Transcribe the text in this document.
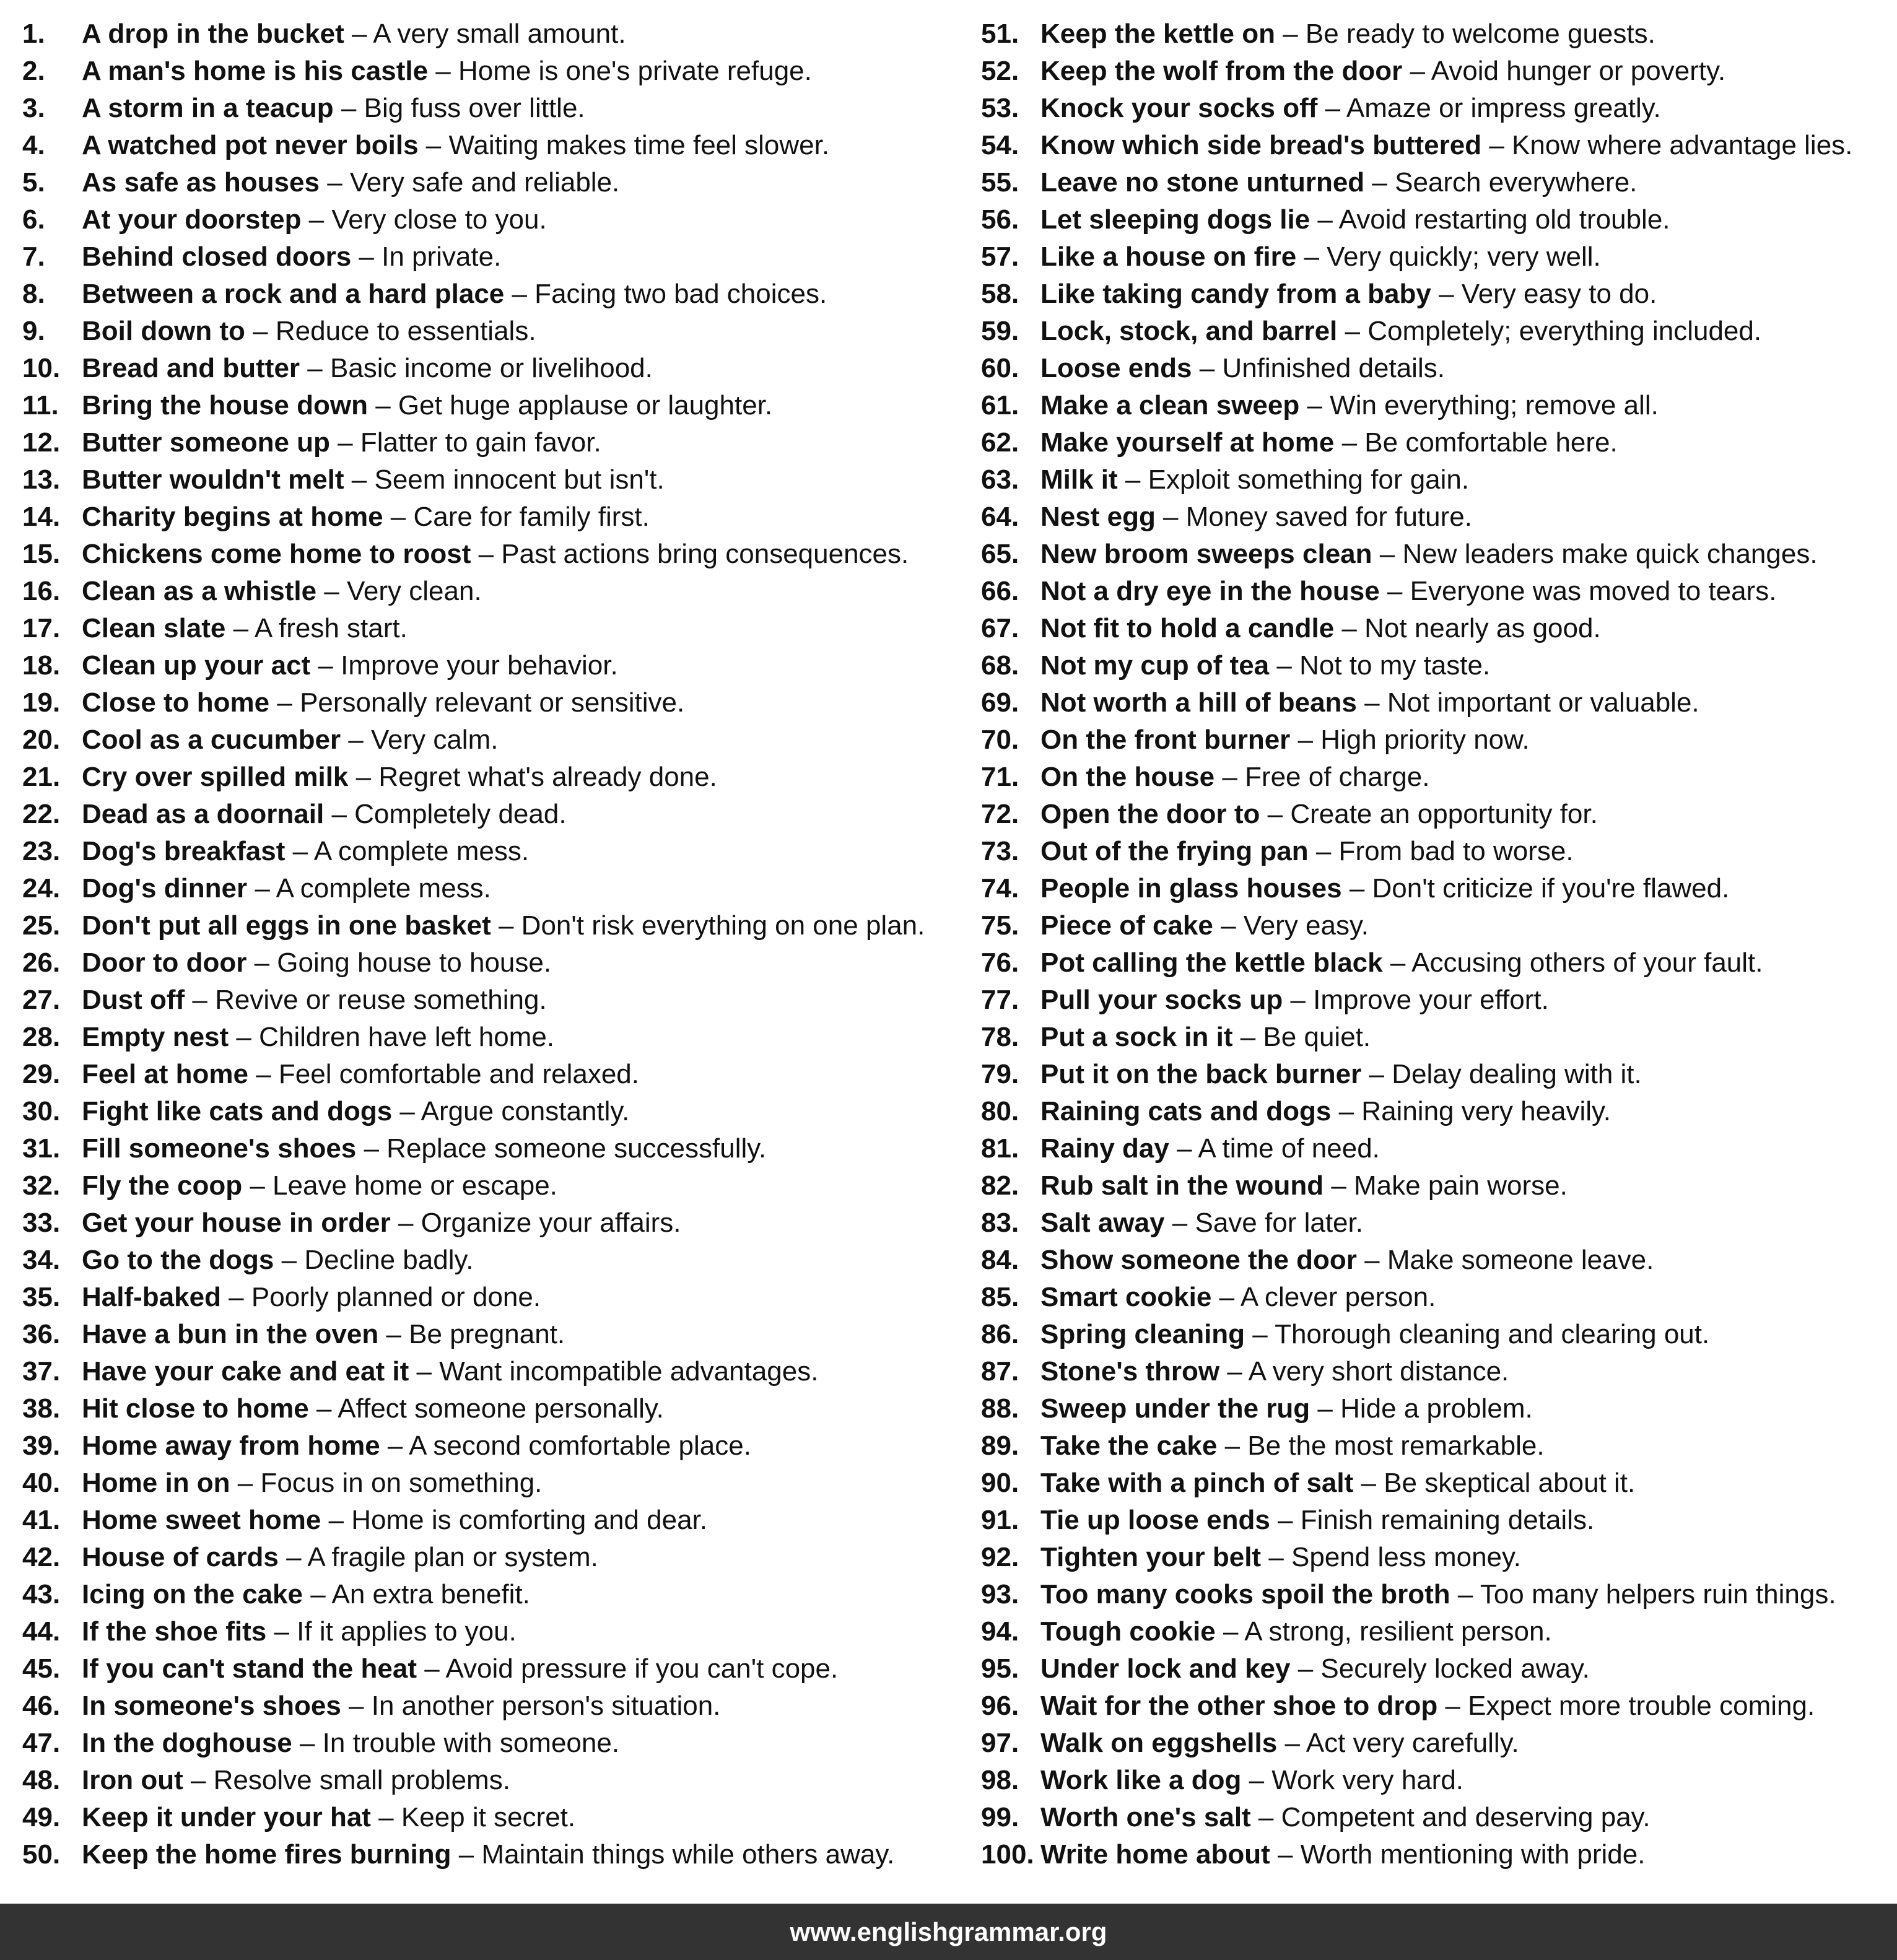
1. A drop in the bucket – A very small amount.
2. A man's home is his castle – Home is one's private refuge.
3. A storm in a teacup – Big fuss over little.
4. A watched pot never boils – Waiting makes time feel slower.
5. As safe as houses – Very safe and reliable.
6. At your doorstep – Very close to you.
7. Behind closed doors – In private.
8. Between a rock and a hard place – Facing two bad choices.
9. Boil down to – Reduce to essentials.
10. Bread and butter – Basic income or livelihood.
11. Bring the house down – Get huge applause or laughter.
12. Butter someone up – Flatter to gain favor.
13. Butter wouldn't melt – Seem innocent but isn't.
14. Charity begins at home – Care for family first.
15. Chickens come home to roost – Past actions bring consequences.
16. Clean as a whistle – Very clean.
17. Clean slate – A fresh start.
18. Clean up your act – Improve your behavior.
19. Close to home – Personally relevant or sensitive.
20. Cool as a cucumber – Very calm.
21. Cry over spilled milk – Regret what's already done.
22. Dead as a doornail – Completely dead.
23. Dog's breakfast – A complete mess.
24. Dog's dinner – A complete mess.
25. Don't put all eggs in one basket – Don't risk everything on one plan.
26. Door to door – Going house to house.
27. Dust off – Revive or reuse something.
28. Empty nest – Children have left home.
29. Feel at home – Feel comfortable and relaxed.
30. Fight like cats and dogs – Argue constantly.
31. Fill someone's shoes – Replace someone successfully.
32. Fly the coop – Leave home or escape.
33. Get your house in order – Organize your affairs.
34. Go to the dogs – Decline badly.
35. Half-baked – Poorly planned or done.
36. Have a bun in the oven – Be pregnant.
37. Have your cake and eat it – Want incompatible advantages.
38. Hit close to home – Affect someone personally.
39. Home away from home – A second comfortable place.
40. Home in on – Focus in on something.
41. Home sweet home – Home is comforting and dear.
42. House of cards – A fragile plan or system.
43. Icing on the cake – An extra benefit.
44. If the shoe fits – If it applies to you.
45. If you can't stand the heat – Avoid pressure if you can't cope.
46. In someone's shoes – In another person's situation.
47. In the doghouse – In trouble with someone.
48. Iron out – Resolve small problems.
49. Keep it under your hat – Keep it secret.
50. Keep the home fires burning – Maintain things while others away.
51. Keep the kettle on – Be ready to welcome guests.
52. Keep the wolf from the door – Avoid hunger or poverty.
53. Knock your socks off – Amaze or impress greatly.
54. Know which side bread's buttered – Know where advantage lies.
55. Leave no stone unturned – Search everywhere.
56. Let sleeping dogs lie – Avoid restarting old trouble.
57. Like a house on fire – Very quickly; very well.
58. Like taking candy from a baby – Very easy to do.
59. Lock, stock, and barrel – Completely; everything included.
60. Loose ends – Unfinished details.
61. Make a clean sweep – Win everything; remove all.
62. Make yourself at home – Be comfortable here.
63. Milk it – Exploit something for gain.
64. Nest egg – Money saved for future.
65. New broom sweeps clean – New leaders make quick changes.
66. Not a dry eye in the house – Everyone was moved to tears.
67. Not fit to hold a candle – Not nearly as good.
68. Not my cup of tea – Not to my taste.
69. Not worth a hill of beans – Not important or valuable.
70. On the front burner – High priority now.
71. On the house – Free of charge.
72. Open the door to – Create an opportunity for.
73. Out of the frying pan – From bad to worse.
74. People in glass houses – Don't criticize if you're flawed.
75. Piece of cake – Very easy.
76. Pot calling the kettle black – Accusing others of your fault.
77. Pull your socks up – Improve your effort.
78. Put a sock in it – Be quiet.
79. Put it on the back burner – Delay dealing with it.
80. Raining cats and dogs – Raining very heavily.
81. Rainy day – A time of need.
82. Rub salt in the wound – Make pain worse.
83. Salt away – Save for later.
84. Show someone the door – Make someone leave.
85. Smart cookie – A clever person.
86. Spring cleaning – Thorough cleaning and clearing out.
87. Stone's throw – A very short distance.
88. Sweep under the rug – Hide a problem.
89. Take the cake – Be the most remarkable.
90. Take with a pinch of salt – Be skeptical about it.
91. Tie up loose ends – Finish remaining details.
92. Tighten your belt – Spend less money.
93. Too many cooks spoil the broth – Too many helpers ruin things.
94. Tough cookie – A strong, resilient person.
95. Under lock and key – Securely locked away.
96. Wait for the other shoe to drop – Expect more trouble coming.
97. Walk on eggshells – Act very carefully.
98. Work like a dog – Work very hard.
99. Worth one's salt – Competent and deserving pay.
100. Write home about – Worth mentioning with pride.
www.englishgrammar.org
